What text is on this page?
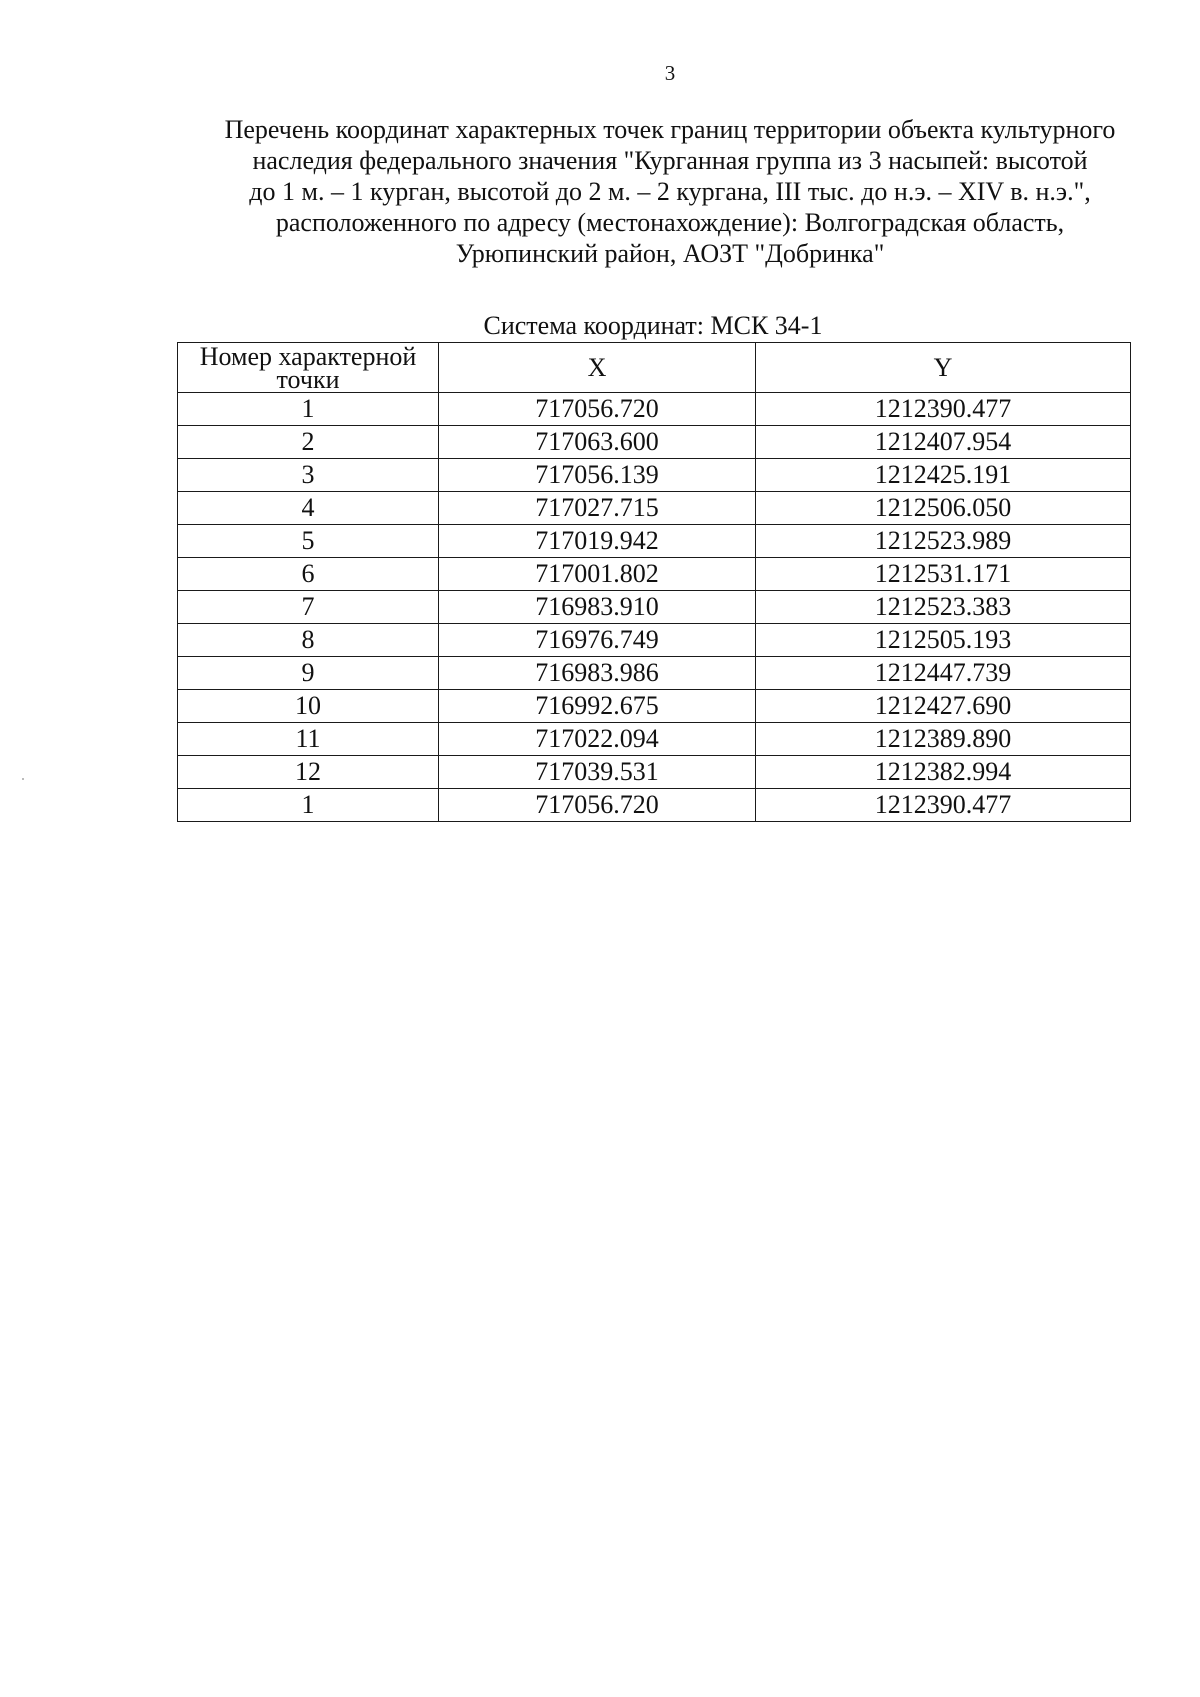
3
Перечень координат характерных точек границ территории объекта культурного
наследия федерального значения "Курганная группа из 3 насыпей: высотой
до 1 м. – 1 курган, высотой до 2 м. – 2 кургана, III тыс. до н.э. – XIV в. н.э.",
расположенного по адресу (местонахождение): Волгоградская область,
Урюпинский район, АОЗТ "Добринка"
Система координат: МСК 34-1
Номер характерной точки	X	Y
1	717056.720	1212390.477
2	717063.600	1212407.954
3	717056.139	1212425.191
4	717027.715	1212506.050
5	717019.942	1212523.989
6	717001.802	1212531.171
7	716983.910	1212523.383
8	716976.749	1212505.193
9	716983.986	1212447.739
10	716992.675	1212427.690
11	717022.094	1212389.890
12	717039.531	1212382.994
1	717056.720	1212390.477
